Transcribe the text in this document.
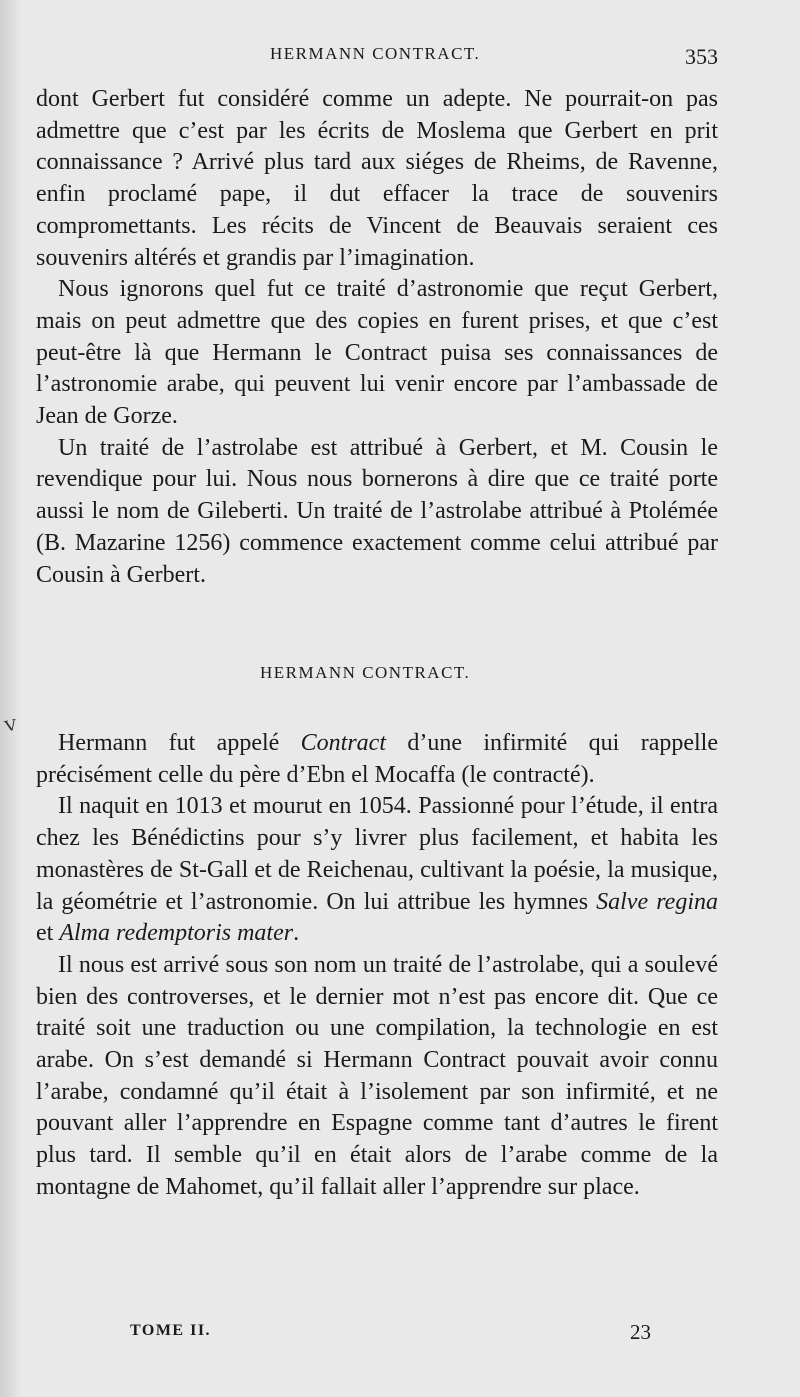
HERMANN CONTRACT.	353

dont Gerbert fut considéré comme un adepte. Ne pourrait-on pas admettre que c’est par les écrits de Moslema que Gerbert en prit connaissance ? Arrivé plus tard aux siéges de Rheims, de Ravenne, enfin proclamé pape, il dut effacer la trace de souvenirs compromettants. Les récits de Vincent de Beauvais seraient ces souvenirs altérés et grandis par l’imagination.

Nous ignorons quel fut ce traité d’astronomie que reçut Gerbert, mais on peut admettre que des copies en furent prises, et que c’est peut-être là que Hermann le Contract puisa ses connaissances de l’astronomie arabe, qui peuvent lui venir encore par l’ambassade de Jean de Gorze.

Un traité de l’astrolabe est attribué à Gerbert, et M. Cousin le revendique pour lui. Nous nous bornerons à dire que ce traité porte aussi le nom de Gileberti. Un traité de l’astrolabe attribué à Ptolémée (B. Mazarine 1256) commence exactement comme celui attribué par Cousin à Gerbert.

HERMANN CONTRACT.
ⱽ	Hermann fut appelé Contract d’une infirmité qui rappelle précisément celle du père d’Ebn el Mocaffa (le contracté).

Il naquit en 1013 et mourut en 1054. Passionné pour l’étude, il entra chez les Bénédictins pour s’y livrer plus facilement, et habita les monastères de St-Gall et de Reichenau, cultivant la poésie, la musique, la géométrie et l’astronomie. On lui attribue les hymnes Salve regina et Alma redemptoris mater.

Il nous est arrivé sous son nom un traité de l’astrolabe, qui a soulevé bien des controverses, et le dernier mot n’est pas encore dit. Que ce traité soit une traduction ou une compilation, la technologie en est arabe. On s’est demandé si Hermann Contract pouvait avoir connu l’arabe, condamné qu’il était à l’isolement par son infirmité, et ne pouvant aller l’apprendre en Espagne comme tant d’autres le firent plus tard. Il semble qu’il en était alors de l’arabe comme de la montagne de Mahomet, qu’il fallait aller l’apprendre sur place.

TOME II.	23
